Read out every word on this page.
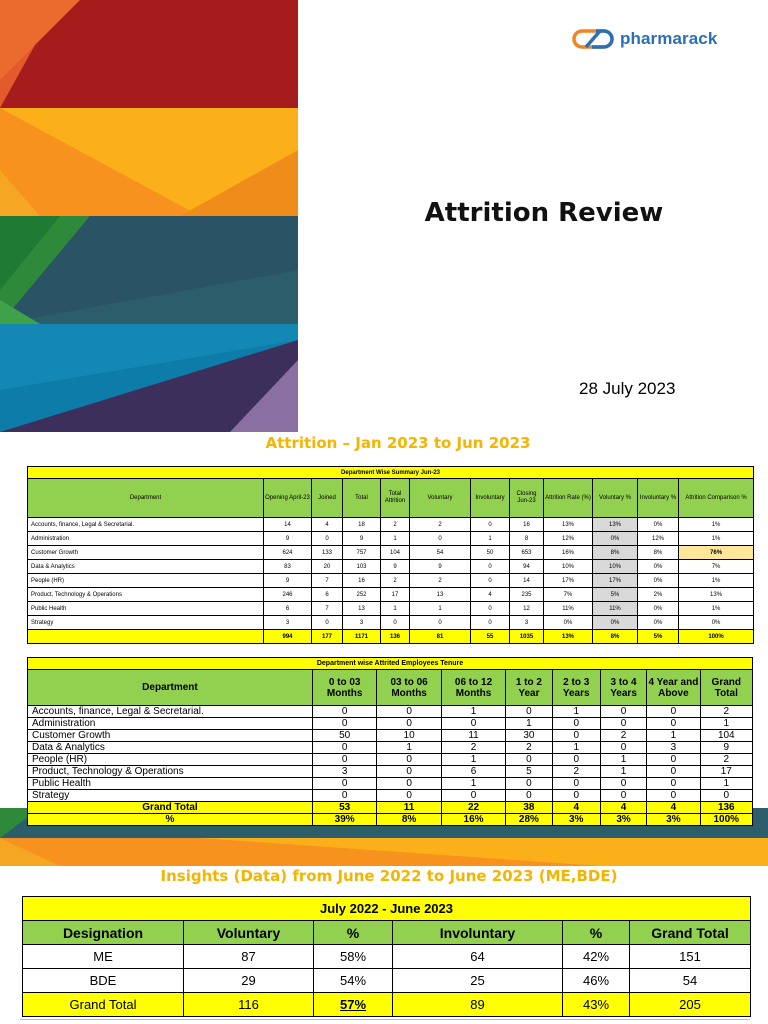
pharmarack
Attrition Review
28 July 2023
Attrition – Jan 2023 to Jun 2023
Department Wise Summary Jun-23											
Department	Opening April-23	Joined	Total	Total Attrition	Voluntary	Involuntary	Closing Jun-23	Attrition Rate (%)	Voluntary %	Involuntary %	Attrition Comparison %
Accounts, finance, Legal & Secretarial.	14	4	18	2	2	0	16	13%	13%	0%	1%
Administration	9	0	9	1	0	1	8	12%	0%	12%	1%
Customer Growth	624	133	757	104	54	50	653	16%	8%	8%	76%
Data & Analytics	83	20	103	9	9	0	94	10%	10%	0%	7%
People (HR)	9	7	16	2	2	0	14	17%	17%	0%	1%
Product, Technology & Operations	246	6	252	17	13	4	235	7%	5%	2%	13%
Public Health	6	7	13	1	1	0	12	11%	11%	0%	1%
Strategy	3	0	3	0	0	0	3	0%	0%	0%	0%
	994	177	1171	136	81	55	1035	13%	8%	5%	100%
Department wise Attrited Employees Tenure								
Department	0 to 03 Months	03 to 06 Months	06 to 12 Months	1 to 2 Year	2 to 3 Years	3 to 4 Years	4 Year and Above	Grand Total
Accounts, finance, Legal & Secretarial.	0	0	1	0	1	0	0	2
Administration	0	0	0	1	0	0	0	1
Customer Growth	50	10	11	30	0	2	1	104
Data & Analytics	0	1	2	2	1	0	3	9
People (HR)	0	0	1	0	0	1	0	2
Product, Technology & Operations	3	0	6	5	2	1	0	17
Public Health	0	0	1	0	0	0	0	1
Strategy	0	0	0	0	0	0	0	0
Grand Total	53	11	22	38	4	4	4	136
%	39%	8%	16%	28%	3%	3%	3%	100%
Insights (Data) from June 2022 to June 2023 (ME,BDE)
July 2022 - June 2023					
Designation	Voluntary	%	Involuntary	%	Grand Total
ME	87	58%	64	42%	151
BDE	29	54%	25	46%	54
Grand Total	116	57%	89	43%	205
